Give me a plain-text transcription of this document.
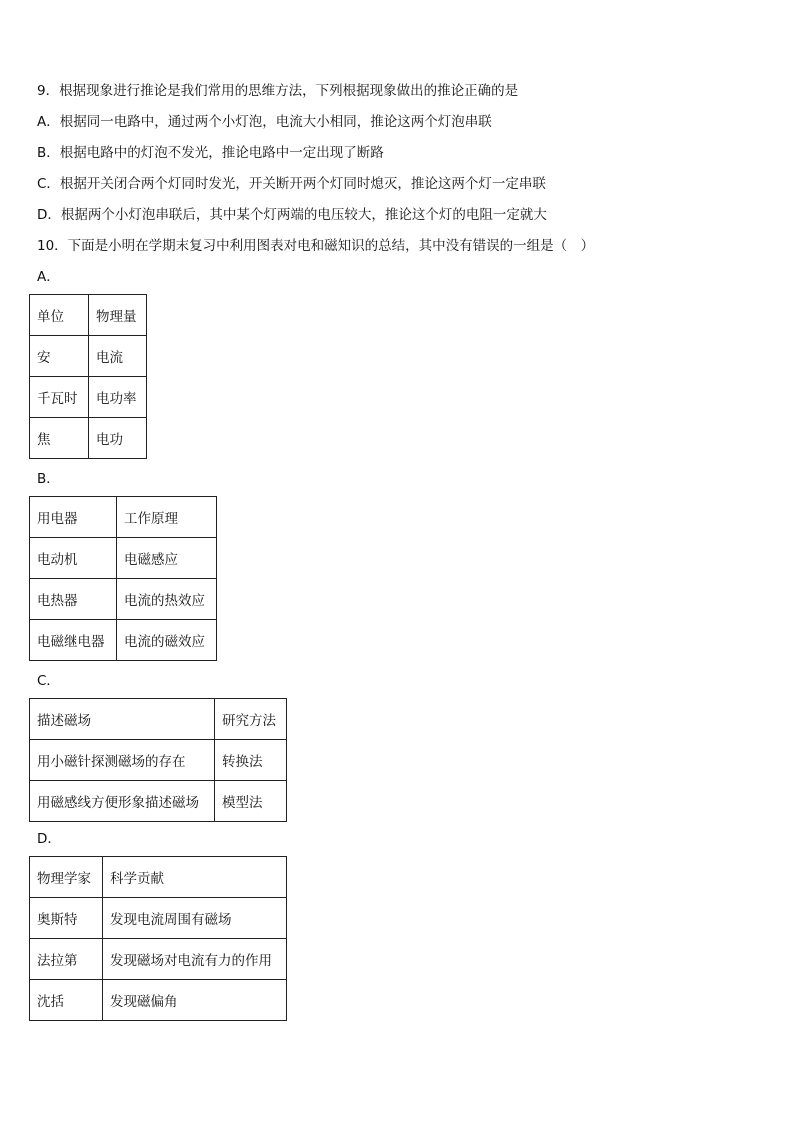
9．根据现象进行推论是我们常用的思维方法，下列根据现象做出的推论正确的是
A．根据同一电路中，通过两个小灯泡，电流大小相同，推论这两个灯泡串联
B．根据电路中的灯泡不发光，推论电路中一定出现了断路
C．根据开关闭合两个灯同时发光，开关断开两个灯同时熄灭，推论这两个灯一定串联
D．根据两个小灯泡串联后，其中某个灯两端的电压较大，推论这个灯的电阻一定就大
10．下面是小明在学期末复习中利用图表对电和磁知识的总结，其中没有错误的一组是（　）
A．
单位	物理量
安	电流
千瓦时	电功率
焦	电功
B．
用电器	工作原理
电动机	电磁感应
电热器	电流的热效应
电磁继电器	电流的磁效应
C．
描述磁场	研究方法
用小磁针探测磁场的存在	转换法
用磁感线方便形象描述磁场	模型法
D．
物理学家	科学贡献
奥斯特	发现电流周围有磁场
法拉第	发现磁场对电流有力的作用
沈括	发现磁偏角
